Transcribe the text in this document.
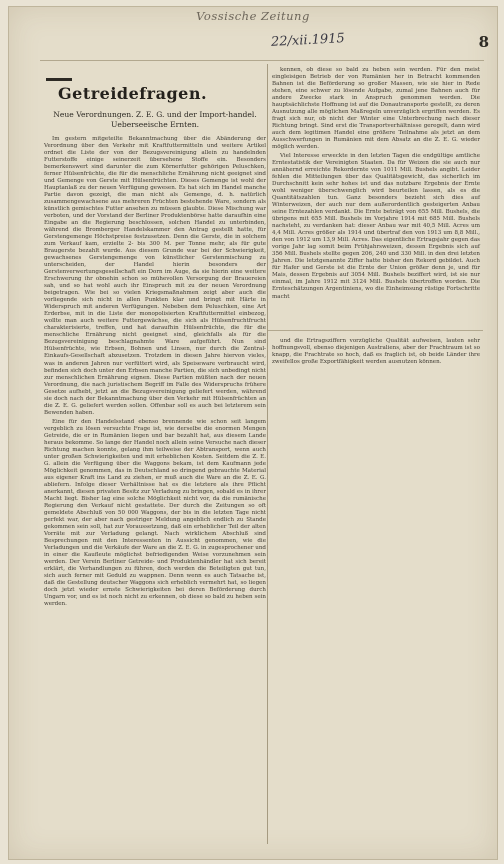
Vossische Zeitung
22/xii.1915	8
Getreidefragen.
Neue Verordnungen. Z. E. G. und der Import-handel. Ueberseeische Ernten.

Im gestern mitgeteilte Bekanntmachung über die Abänderung der Verordnung über den Verkehr mit Kraftfuttermitteln und weitere Artikel ordnet die Liste der von der Bezugsvereinigung allein zu handelnden Futterstoffe einige seinerzeit übersehene Stoffe ein. Besonders bemerkenswert sind darunter die zum Körnerfutter gehörigen Peluschken, ferner Hülsenfrüchte, die für die menschliche Ernährung nicht geeignet sind und Gemenge von Gerste mit Hülsenfrüchten. Dieses Gemenge ist wohl der Hauptanlaß zu der neuen Verfügung gewesen. Es hat sich im Handel manche Partie davon gezeigt, die man nicht als Gemenge, d. h. natürlich zusammengewachsene aus mehreren Früchten bestehende Ware, sondern als künstlich gemischtes Futter ansehen zu müssen glaubte. Diese Mischung war verboten, und der Vorstand der Berliner Produktenbörse hatte daraufhin eine Eingabe an die Regierung beschlossen, solchen Handel zu unterbinden, während die Bromberger Handelskammer den Antrag gestellt hatte, für Gerstengemenge Höchstpreise festzusetzen. Denn die Gerste, die in solchem zum Verkauf kam, erzielte 2- bis 300 M. per Tonne mehr, als für gute Braugerste bezahlt wurde. Aus diesem Grunde war bei der Schwierigkeit, gewachsenes Gerstengemenge von künstlicher Gerstenmischung zu unterscheiden, der Handel hierin besonders der Gerstenverwertungsgesellschaft ein Dorn im Auge, da sie hierin eine weitere Erschwerung ihr obnehin schon so mühevollen Versorgung der Brauereien sah, und so hat wohl auch ihr Einspruch mit zu der neuen Verordnung beigetragen. Wie bei so vielen Kriegsmaßnahmen zeigt aber auch die vorliegende sich nicht in allen Punkten klar und bringt mit Härte in Widerspruch mit anderen Verfügungen. Nebeben dem Peluschken, eine Art Erderbse, mit in die Liste der monopolisierten Kraftfuttermittel einbezog, wollte man auch weitere Futtergewächse, die sich als Hülsenfruchtfrucht charakterisierte, treffen, und hat daraufhin Hülsenfrüchte, die für die menschliche Ernährung nicht geeignet sind, gleichfalls als für die Bezugsvereinigung beschlagnahmte Ware aufgeführt. Nun sind Hülsenfrüchte, wie Erbsen, Bohnen und Linsen, nur durch die Zentral-Einkaufs-Gesellschaft abzusetzen. Trotzdem in diesen Jahre hiervon vieles, was in anderen Jahren nur verfüttert wird, als Speiseware verbraucht wird, befinden sich doch unter den Erbsen manche Partien, die sich unbedingt nicht zur menschlichen Ernährung eignen. Diese Partien müßten nach der neuen Verordnung, die nach juristischem Begriff im Falle des Widerspruchs frühere Gesetze aufhebt, jetzt an die Bezugsvereinigung geliefert werden, während sie doch nach der Bekanntmachung über den Verkehr mit Hülsenfrüchten an die Z. E. G. geliefert werden sollen. Offenbar soll es auch bei letzterem sein Bewenden haben.

Eine für den Handelsstand ebenso brennende wie schon seit langem vergeblich zu lösen versuchte Frage ist, wie derselbe die enormen Mengen Getreide, die er in Rumänien liegen und bar bezahlt hat, aus diesem Lande heraus bekomme. So lange der Handel noch allein seine Versuche nach dieser Richtung machen konnte, gelang ihm teilweise der Abtransport, wenn auch unter großen Schwierigkeiten und mit erheblichen Kosten. Seitdem die Z. E. G. allein die Verfügung über die Waggons bekam, ist dem Kaufmann jede Möglichkeit genommen, das in Deutschland so dringend gebrauchte Material aus eigener Kraft ins Land zu ziehen, er muß auch die Ware an die Z. E. G. abliefern. Infolge dieser Verhältnisse hat es die letztere als ihre Pflicht anerkannt, diesen privaten Besitz zur Verladung zu bringen, sobald es in ihrer Macht liegt. Bisher lag eine solche Möglichkeit nicht vor, da die rumänische Regierung den Verkauf nicht gestattete. Der durch die Zeitungen so oft gemeldete Abschluß von 50 000 Waggons, der bis in die letzten Tage nicht perfekt war, der aber nach gestriger Meldung angeblich endlich zu Stande gekommen sein soll, hat zur Voraussetzung, daß ein erheblicher Teil der alten Vorräte mit zur Verladung gelangt. Nach wirklichem Abschluß sind Besprechungen mit den Interessenten in Aussicht genommen, wie die Verladungen und die Verkäufe der Ware an die Z. E. G. in zugesprochener und in einer die Kaufleute möglichst befriedigenden Weise vorzunehmen sein werden. Der Verein Berliner Getreide- und Produktenhändler hat sich bereit erklärt, die Verhandlungen zu führen, doch werden die Beteiligten gut tun, sich auch ferner mit Geduld zu wappnen. Denn wenn es auch Tatsache ist, daß die Gestellung deutscher Waggons sich erheblich vermehrt hat, so liegen doch jetzt wieder ernste Schwierigkeiten bei deren Beförderung durch Ungarn vor, und es ist noch nicht zu erkennen, ob diese so bald zu heben sein werden.

kennen, ob diese so bald zu heben sein werden. Für den meist eingleisigen Betrieb der von Rumänien her in Betracht kommenden Bahnen ist die Beförderung so großer Massen, wie sie hier in Rede stehen, eine schwer zu lösende Aufgabe, zumal jene Bahnen auch für andere Zwecke stark in Anspruch genommen werden. Die hauptsächlichste Hoffnung ist auf die Donautransporte gestellt, zu deren Ausnutzung alle möglichen Maßregeln unverzüglich ergriffen werden. Es fragt sich nur, ob nicht der Winter eine Unterbrechung nach dieser Richtung bringt. Sind erst die Transportverhältnisse geregelt, dann wird auch dem legitimen Handel eine größere Teilnahme als jetzt an dem Ausschwerfungen in Rumänien mit dem Absatz an die Z. E. G. wieder möglich werden.

Viel Interesse erweckte in den letzten Tagen die endgültige amtliche Erntestatistik der Vereinigten Staaten. Da für Weizen die sie auch nur annähernd erreichte Rekordernte von 1011 Mill. Bushels angibt. Leider fehlen die Mitteilungen über das Qualitätsgewicht, das sicherlich im Durchschnitt kein sehr hohes ist und das nutzbare Ergebnis der Ernte wohl weniger überschwenglich wird beurteilen lassen, als es die Quantitätszahlen tun. Ganz besonders bezieht sich dies auf Winterweizen, der auch nur dem außerordentlich gesteigerten Anbau seine Erntezahlen verdankt. Die Ernte beträgt von 655 Mill. Bushels, die übrigens mit 655 Mill. Bushels im Vorjahre 1914 mit 685 Mill. Bushels nachsteht, zu verdanken hat: dieser Anbau war mit 40,5 Mill. Acres um 4,4 Mill. Acres größer als 1914 und übertraf den von 1913 um 8,8 Mill., den von 1912 um 13,9 Mill. Acres. Das eigentliche Ertragsjahr gegen das vorige Jahr lag somit beim Frühjahrsweizen, dessen Ergebnis sich auf 356 Mill. Bushels stellte gegen 206, 240 und 330 Mill. in den drei letzten Jahren. Die letztgenannte Ziffer hatte bisher den Rekord gebildet. Auch für Hafer und Gerste ist die Ernte der Union größer denn je, und für Mais, dessen Ergebnis auf 3054 Mill. Bushels beziffert wird, ist sie nur einmal, im Jahre 1912 mit 3124 Mill. Bushels übertroffen worden. Die Ernteschätzungen Argentiniens, wo die Einheimsung rüstige Fortschritte macht

und die Ertragsziffern vorzügliche Qualität aufweisen, lauten sehr hoffnungsvoll, ebenso diejenigen Australiens, aber der Frachtraum ist so knapp, die Frachtrate so hoch, daß es fraglich ist, ob beide Länder ihre zweifellos große Exportfähigkeit werden ausnutzen können.
